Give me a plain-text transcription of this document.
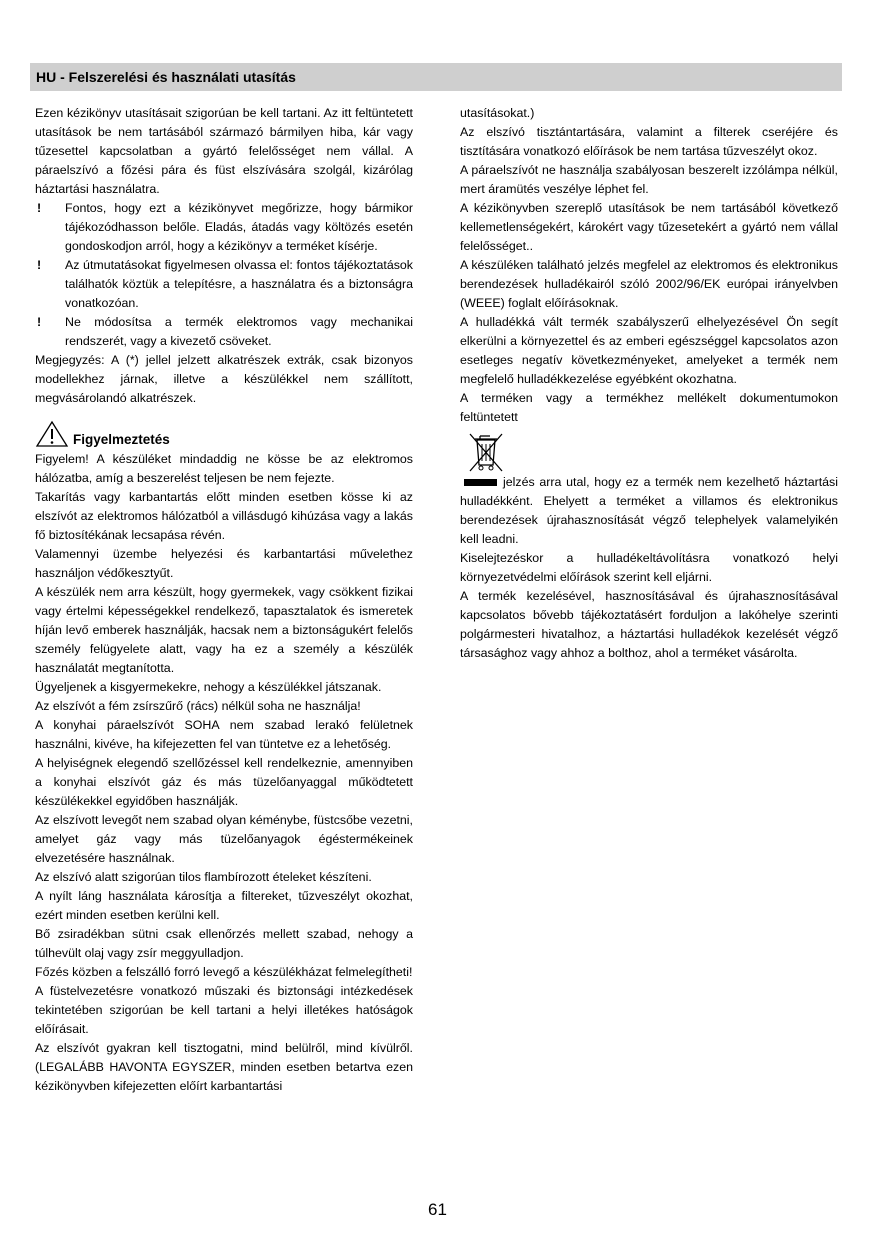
HU - Felszerelési és használati utasítás

Ezen kézikönyv utasításait szigorúan be kell tartani. Az itt feltüntetett utasítások be nem tartásából származó bármilyen hiba, kár vagy tűzesettel kapcsolatban a gyártó felelősséget nem vállal. A páraelszívó a főzési pára és füst elszívására szolgál, kizárólag háztartási használatra.

! Fontos, hogy ezt a kézikönyvet megőrizze, hogy bármikor tájékozódhasson belőle. Eladás, átadás vagy költözés esetén gondoskodjon arról, hogy a kézikönyv a terméket kísérje.

! Az útmutatásokat figyelmesen olvassa el: fontos tájékoztatások találhatók köztük a telepítésre, a használatra és a biztonságra vonatkozóan.

! Ne módosítsa a termék elektromos vagy mechanikai rendszerét, vagy a kivezető csöveket.

Megjegyzés: A (*) jellel jelzett alkatrészek extrák, csak bizonyos modellekhez járnak, illetve a készülékkel nem szállított, megvásárolandó alkatrészek.

Figyelmeztetés

Figyelem! A készüléket mindaddig ne kösse be az elektromos hálózatba, amíg a beszerelést teljesen be nem fejezte.

Takarítás vagy karbantartás előtt minden esetben kösse ki az elszívót az elektromos hálózatból a villásdugó kihúzása vagy a lakás fő biztosítékának lecsapása révén.

Valamennyi üzembe helyezési és karbantartási művelethez használjon védőkesztyűt.

A készülék nem arra készült, hogy gyermekek, vagy csökkent fizikai vagy értelmi képességekkel rendelkező, tapasztalatok és ismeretek híján levő emberek használják, hacsak nem a biztonságukért felelős személy felügyelete alatt, vagy ha ez a személy a készülék használatát megtanította.

Ügyeljenek a kisgyermekekre, nehogy a készülékkel játszanak.

Az elszívót a fém zsírszűrő (rács) nélkül soha ne használja!

A konyhai páraelszívót SOHA nem szabad lerakó felületnek használni, kivéve, ha kifejezetten fel van tüntetve ez a lehetőség.

A helyiségnek elegendő szellőzéssel kell rendelkeznie, amennyiben a konyhai elszívót gáz és más tüzelőanyaggal működtetett készülékekkel egyidőben használják.

Az elszívott levegőt nem szabad olyan kéménybe, füstcsőbe vezetni, amelyet gáz vagy más tüzelőanyagok égéstermékeinek elvezetésére használnak.

Az elszívó alatt szigorúan tilos flambírozott ételeket készíteni.

A nyílt láng használata károsítja a filtereket, tűzveszélyt okozhat, ezért minden esetben kerülni kell.

Bő zsiradékban sütni csak ellenőrzés mellett szabad, nehogy a túlhevült olaj vagy zsír meggyulladjon.

Főzés közben a felszálló forró levegő a készülékházat felmelegítheti!

A füstelvezetésre vonatkozó műszaki és biztonsági intézkedések tekintetében szigorúan be kell tartani a helyi illetékes hatóságok előírásait.

Az elszívót gyakran kell tisztogatni, mind belülről, mind kívülről. (LEGALÁBB HAVONTA EGYSZER, minden esetben betartva ezen kézikönyvben kifejezetten előírt karbantartási

utasításokat.)

Az elszívó tisztántartására, valamint a filterek cseréjére és tisztítására vonatkozó előírások be nem tartása tűzveszélyt okoz.

A páraelszívót ne használja szabályosan beszerelt izzólámpa nélkül, mert áramütés veszélye léphet fel.

A kézikönyvben szereplő utasítások be nem tartásából következő kellemetlenségekért, károkért vagy tűzesetekért a gyártó nem vállal felelősséget..

A készüléken található jelzés megfelel az elektromos és elektronikus berendezések hulladékairól szóló 2002/96/EK európai irányelvben (WEEE) foglalt előírásoknak.

A hulladékká vált termék szabályszerű elhelyezésével Ön segít elkerülni a környezettel és az emberi egészséggel kapcsolatos azon esetleges negatív következményeket, amelyeket a termék nem megfelelő hulladékkezelése egyébként okozhatna.

A terméken vagy a termékhez mellékelt dokumentumokon feltüntetett

jelzés arra utal, hogy ez a termék nem kezelhető háztartási hulladékként. Ehelyett a terméket a villamos és elektronikus berendezések újrahasznosítását végző telephelyek valamelyikén kell leadni.

Kiselejtezéskor a hulladékeltávolításra vonatkozó helyi környezetvédelmi előírások szerint kell eljárni.

A termék kezelésével, hasznosításával és újrahasznosításával kapcsolatos bővebb tájékoztatásért forduljon a lakóhelye szerinti polgármesteri hivatalhoz, a háztartási hulladékok kezelését végző társasághoz vagy ahhoz a bolthoz, ahol a terméket vásárolta.

61
